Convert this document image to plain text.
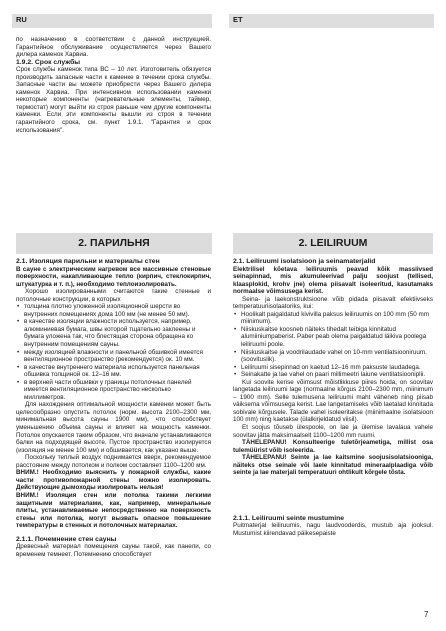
RU	ET

по назначению в соответствии с данной инструкцией. Гарантийное обслуживание осуществляется через Вашего дилера каменок Харвиа.

1.9.2. Срок службы

Срок службы каменок типа ВС – 10 лет. Изготовитель обязуется производить запасные части к каменке в течении срока службы. Запасные части вы можете приобрести через Вашего дилера каменок Харвиа. При интенсивном использовании каменки некоторые компоненты (нагревательные элементы, таймер, термостат) могут выйти из строя раньше чем другие компоненты каменки. Если эти компоненты вышли из строя в течении гарантийного срока, см. пункт 1.9.1. "Гарантия и срок использования".

2. ПАРИЛЬНЯ	2. LEILIRUUM

2.1. Изоляция парильни и материалы стен

В сауне с электрическим нагревом все массивные стеновые поверхности, накапливающие тепло (кирпич, стеклокирпич, штукатурка и т. п.), необходимо теплоизолировать.

Хорошо изолированными считаются такие стенные и потолочные конструкции, в которых

• толщина плотно уложенной изоляционной шерсти во внутренних помещениях дома 100 мм (не менее 50 мм).
• в качестве изоляции влажности используется, например, алюминиевая бумага, швы которой тщательно заклеены и бумага уложена так, что блестящая сторона обращена ко внутренним помещениям сауны.
• между изоляцией влажности и панельной обшивкой имеется вентиляционное пространство (рекомендуется) ок. 10 мм.
• в качестве внутреннего материала используется панельная обшивка толщиной ок. 12–16 мм.
• в верхней части обшивки у границы потолочных панелей имеется вентиляционное пространство несколько миллиметров.

Для нахождения оптимальной мощности каменки может быть целесообразно опустить потолок (норм. высота 2100–2300 мм, минимальная высота сауны 1900 мм), что способствует уменьшению объема сауны и влияет на мощность каменки. Потолок опускается таким образом, что вначале устанавливаются балки на подходящей высоте. Пустое пространство изолируется (изоляция не менее 100 мм) и обшивается, как указано выше.

Поскольку теплый воздух поднимается вверх, рекомендуемое расстояние между потолком и полком составляет 1100–1200 мм.

ВНИМ.! Необходимо выяснить у пожарной службы, какие части противопожарной стены можно изолировать. Действующие дымоходы изолировать нельзя!

ВНИМ.! Изоляция стен или потолка такими легкими защитными материалами, как, например, минеральные плиты, устанавливаемые непосредственно на поверхность стены или потолка, могут вызвать опасное повышение температуры в стенных и потолочных материалах.

2.1.1. Почемнение стен сауны

Древесный материал помещения сауны такой, как панели, со временем темнеет. Потемнению способствует

2.1. Leiliruumi isolatsioon ja seinamaterjalid

Elektrilisel kõetava leiliruumis peavad kõik massiivsed seinapinnad, mis akumuleerivad palju soojust (tellised, klaasplokid, krohv jne) olema piisavalt isoleeritud, kasutamaks normaalse võimsusega kerist.

Seina- ja laekonstruktsioone võib pidada piisavalt efektiivseks temperatuuriisolaatoriks, kui:

• Hoolikalt paigaldatud kivivilla paksus leiliruumis on 100 mm (50 mm miinimum).
• Niiskuskaitse koosneb näiteks tihedalt teibiga kinnitatud alumiiniumpaberist. Paber peab olema paigaldatud läikiva poolega leiliruumi poole.
• Niiskuskaitse ja voodrilaudade vahel on 10-mm ventilatsiooniruum. (soovituslik).
• Leiliruumi sisepinnad on kaetud 12–16 mm paksuste laudadega.
• Seinakatte ja lae vahel on paari millimeetri laiune ventilatsiooniplii.

Kui soovite kerise võimsust mõistlikkuse piires hoida, on soovitav langetada leiliruumi lage (normaalne kõrgus 2100–2300 mm, miinimum – 1900 mm). Selle tulemusena leiliruumi maht väheneb ning piisab väiksema võimsusega kerist. Lae langetamiseks võib laetalad kinnitada sobivale kõrgusele. Talade vahel isoleeritakse (miinimaalne isolatsioon 100 mm) ning kaetakse (ülalkirjeldatud viisil).

Et soojus tõuseb ülespoole, on lae ja ülemise lavalaua vahele soovitav jätta maksimaalselt 1100–1200 mm ruumi.

TÄHELEPANU! Konsulteerige tuletõrjeametiga, millist osa tulemüürist võib isoleerida.

TÄHELEPANU! Seinte ja lae kaitsmine soojusisolatsiooniga, näiteks otse seinale või laele kinnitatud mineraalplaadiga võib seinte ja lae materjali temperatuuri ohtlikult kõrgele tõsta.

2.1.1. Leiliruumi seinte mustumine

Puitmaterjal leiliruumis, nagu laudvooderdis, mustub aja jooksul. Mustumist kiirendavad päikesepaiste

7
